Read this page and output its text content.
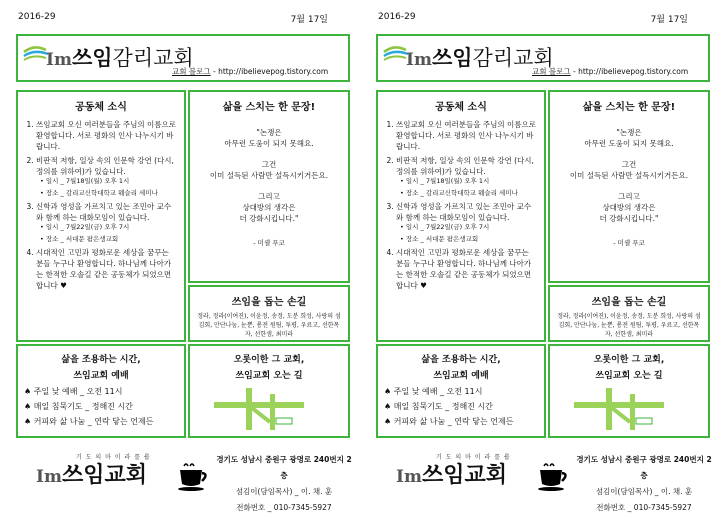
2016-29	7월 17일
Im쓰임감리교회
교회 블로그 - http://ibelievepog.tistory.com
공동체 소식
1. 쓰임교회 오신 여러분들을 주님의 이름으로 환영합니다. 서로 평화의 인사 나누시기 바랍니다.
2. 비판적 저항, 일상 속의 인문학 강연 (다시, 정의를 위하여)가 있습니다.
• 일시 _ 7월18일(월) 오후 1시
• 장소 _ 감리교신학대학교 웨슬리 세미나
3. 신학과 영성을 가르치고 있는 조민아 교수와 함께 하는 대화모임이 있습니다.
• 일시 _ 7월22일(금) 오후 7시
• 장소 _ 서대문 팜은생교회
4. 시대적인 고민과 평화로운 세상을 꿈꾸는 분들 누구나 환영합니다. 하나님께 나아가는 한적한 오솔길 같은 공동체가 되었으면 합니다 ♥
삶을 스치는 한 문장!
"논쟁은
아무런 도움이 되지 못해요.
그건
이미 설득된 사람만 설득시키거든요.
그리고
상대방의 생각은
더 강화시킵니다."
- 미셸 푸코
쓰임을 돕는 손길
정라, 정라(이여진), 이윤정, 송정, 도분 희성, 사랑의 섬김회, 안단나눔, 눈뿐, 롱전 원팀, 투평, 우료고, 선한목자, 선한샘, 최미라
삶을 조용하는 시간,
쓰임교회 예배
♠ 주일 낮 예배 _ 오전 11시
♠ 매일 침묵기도 _ 정해진 시간
♠ 커피와 삶 나눔 _ 연락 닿는 언제든
오롯이한 그 교회,
쓰임교회 오는 길
기 도 의 마 이 라 를 룹
Im쓰임교회
경기도 성남시 중원구 광명로 240번지 2층
섬김이(담임목사) _ 이. 채. 훈
전화번호 _ 010-7345-5927
2016-29	7월 17일
Im쓰임감리교회
교회 블로그 - http://ibelievepog.tistory.com
공동체 소식
1. 쓰임교회 오신 여러분들을 주님의 이름으로 환영합니다. 서로 평화의 인사 나누시기 바랍니다.
2. 비판적 저항, 일상 속의 인문학 강연 (다시, 정의를 위하여)가 있습니다.
• 일시 _ 7월18일(월) 오후 1시
• 장소 _ 감리교신학대학교 웨슬리 세미나
3. 신학과 영성을 가르치고 있는 조민아 교수와 함께 하는 대화모임이 있습니다.
• 일시 _ 7월22일(금) 오후 7시
• 장소 _ 서대문 팜은생교회
4. 시대적인 고민과 평화로운 세상을 꿈꾸는 분들 누구나 환영합니다. 하나님께 나아가는 한적한 오솔길 같은 공동체가 되었으면 합니다 ♥
삶을 스치는 한 문장!
"논쟁은
아무런 도움이 되지 못해요.
그건
이미 설득된 사람만 설득시키거든요.
그리고
상대방의 생각은
더 강화시킵니다."
- 미셸 푸코
쓰임을 돕는 손길
정라, 정라(이여진), 이윤정, 송정, 도분 희성, 사랑의 섬김회, 안단나눔, 눈뿐, 롱전 원팀, 투평, 우료고, 선한목자, 선한샘, 최미라
삶을 조용하는 시간,
쓰임교회 예배
♠ 주일 낮 예배 _ 오전 11시
♠ 매일 침묵기도 _ 정해진 시간
♠ 커피와 삶 나눔 _ 연락 닿는 언제든
오롯이한 그 교회,
쓰임교회 오는 길
기 도 의 마 이 라 를 룹
Im쓰임교회
경기도 성남시 중원구 광명로 240번지 2층
섬김이(담임목사) _ 이. 채. 훈
전화번호 _ 010-7345-5927
